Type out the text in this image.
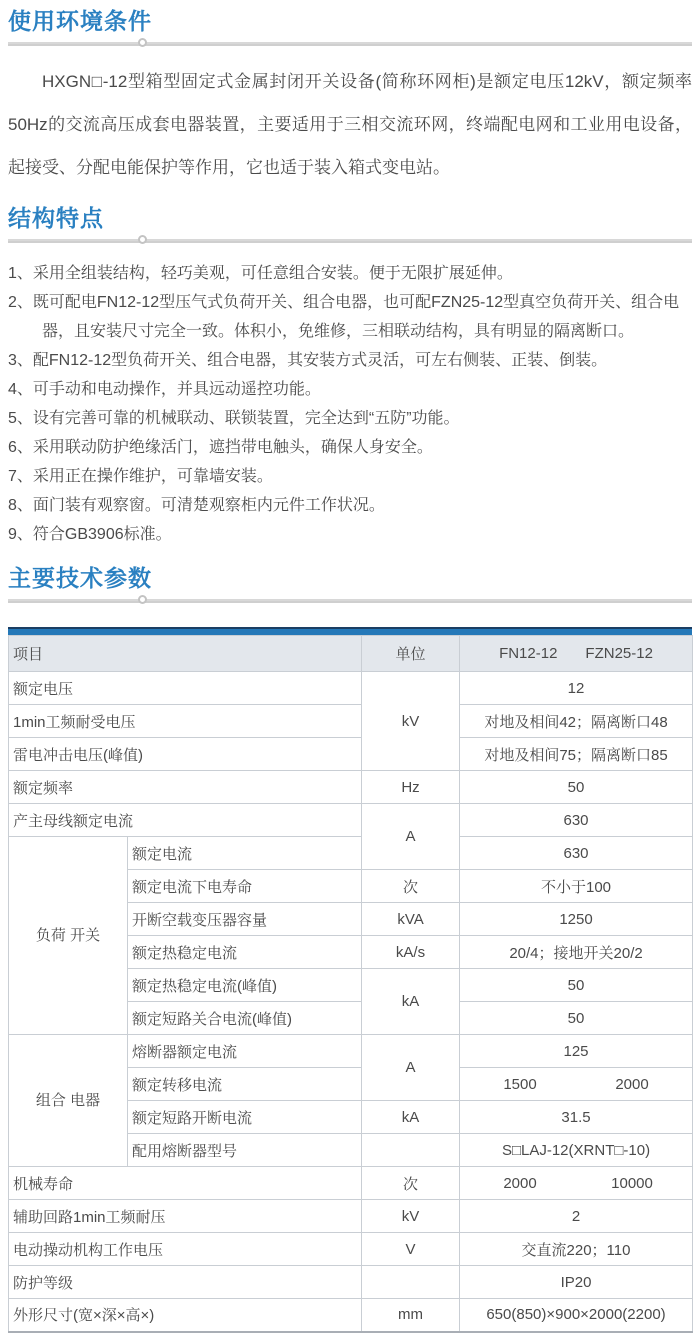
使用环境条件

HXGN□-12型箱型固定式金属封闭开关设备(简称环网柜)是额定电压12kV，额定频率50Hz的交流高压成套电器装置，主要适用于三相交流环网，终端配电网和工业用电设备，起接受、分配电能保护等作用，它也适于装入箱式变电站。

结构特点
1、采用全组装结构，轻巧美观，可任意组合安装。便于无限扩展延伸。
2、既可配电FN12-12型压气式负荷开关、组合电器，也可配FZN25-12型真空负荷开关、组合电器，且安装尺寸完全一致。体积小，免维修，三相联动结构，具有明显的隔离断口。
3、配FN12-12型负荷开关、组合电器，其安装方式灵活，可左右侧装、正装、倒装。
4、可手动和电动操作，并具远动遥控功能。
5、设有完善可靠的机械联动、联锁装置，完全达到“五防”功能。
6、采用联动防护绝缘活门，遮挡带电触头，确保人身安全。
7、采用正在操作维护，可靠墙安装。
8、面门装有观察窗。可清楚观察柜内元件工作状况。
9、符合GB3906标准。
主要技术参数
项目		单位	FN12-12 FZN25-12

额定电压		kV	12
1min工频耐受电压			对地及相间42；隔离断口48
雷电冲击电压(峰值)			对地及相间75；隔离断口85
额定频率		Hz	50
产主母线额定电流		A	630
负荷 开关	额定电流		630
	额定电流下电寿命	次	不小于100
	开断空载变压器容量	kVA	1250
	额定热稳定电流	kA/s	20/4；接地开关20/2
	额定热稳定电流(峰值)	kA	50
	额定短路关合电流(峰值)		50
组合 电器	熔断器额定电流	A	125
	额定转移电流		1500 2000

	额定短路开断电流	kA	31.5
	配用熔断器型号		S□LAJ-12(XRNT□-10)
机械寿命		次	2000 10000

辅助回路1min工频耐压		kV	2
电动操动机构工作电压		V	交直流220；110
防护等级			IP20
外形尺寸(宽×深×高×)		mm	650(850)×900×2000(2200)
